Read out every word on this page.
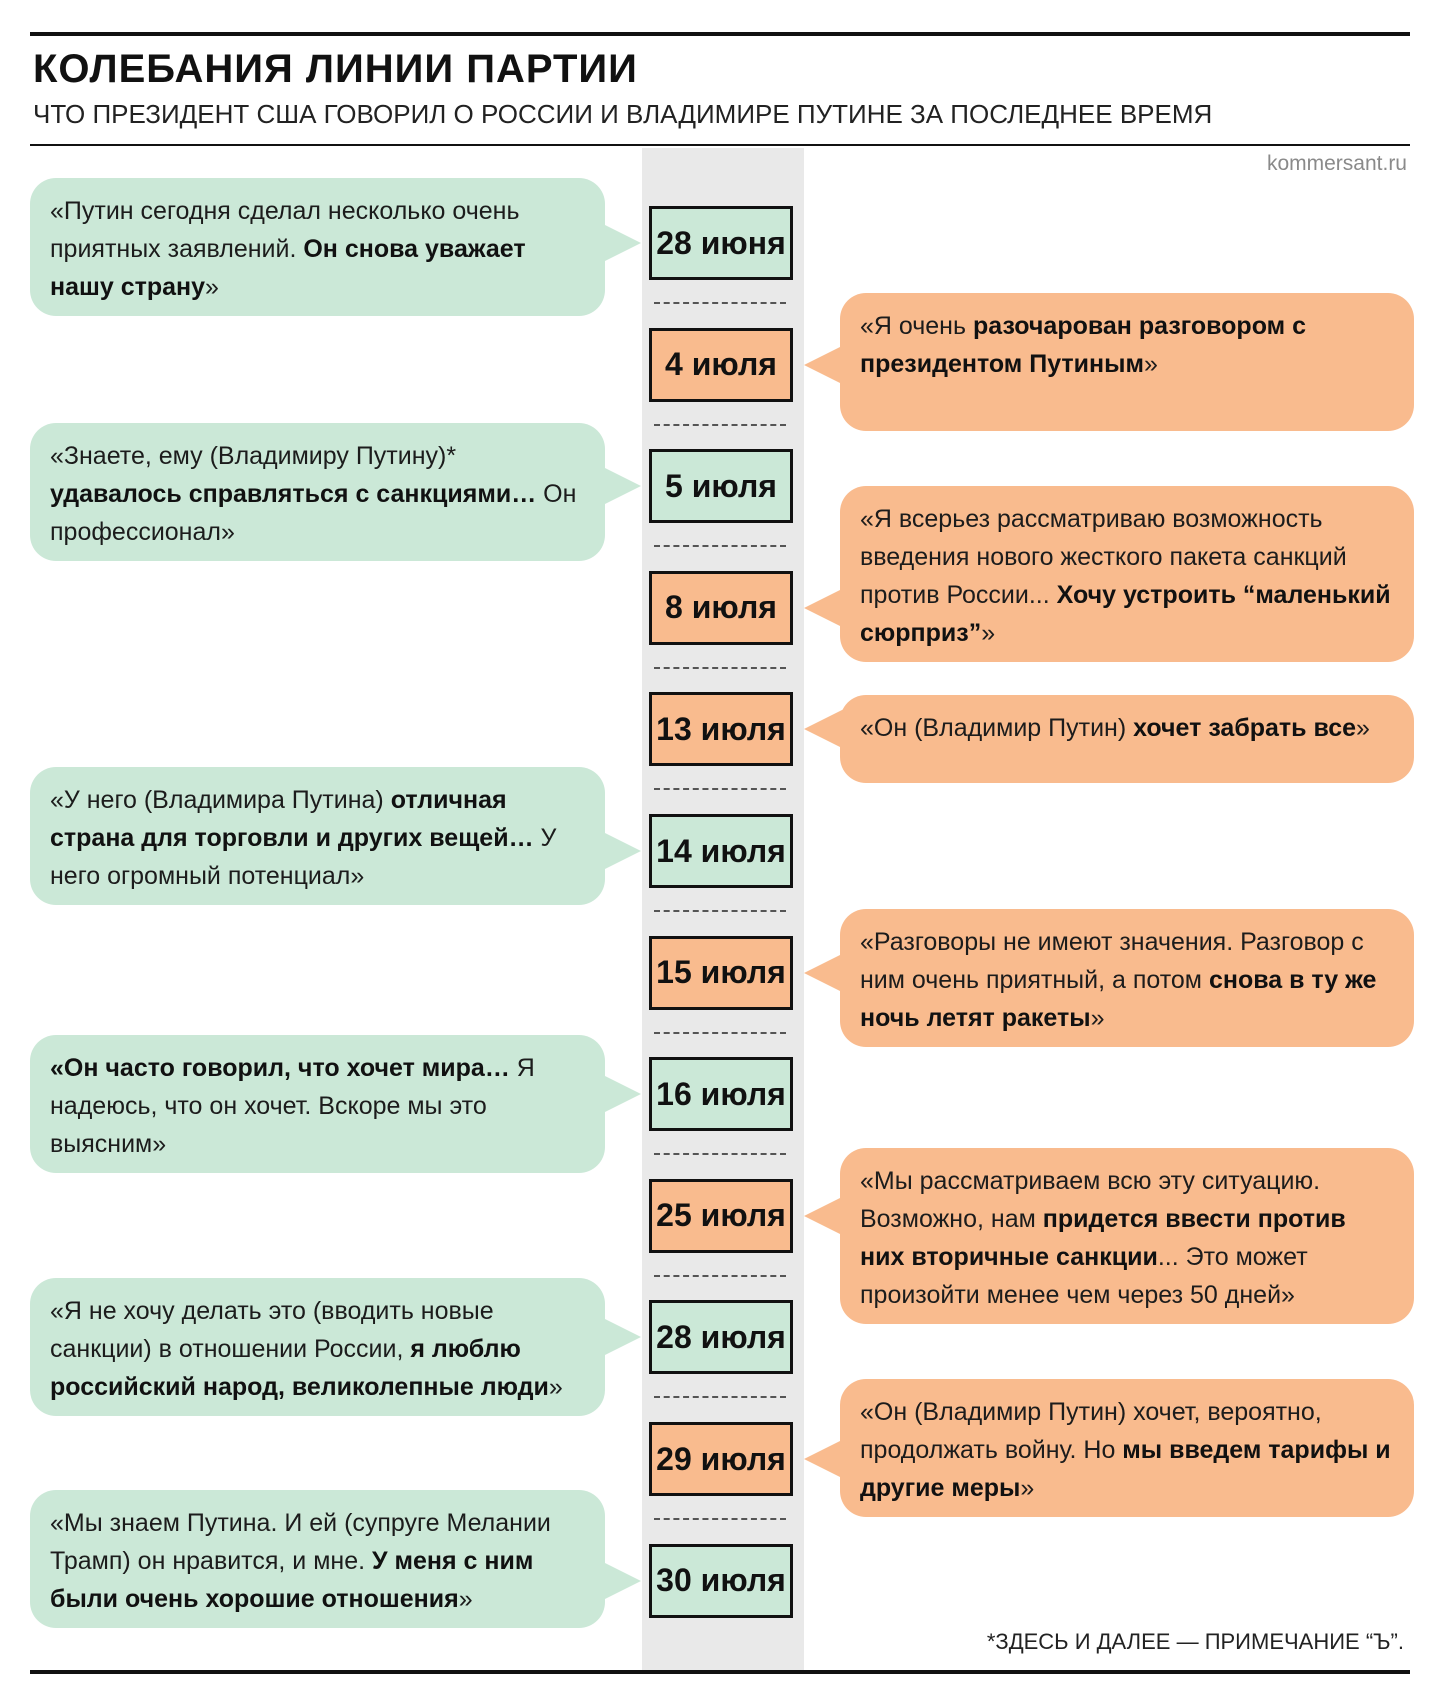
КОЛЕБАНИЯ ЛИНИИ ПАРТИИ

ЧТО ПРЕЗИДЕНТ США ГОВОРИЛ О РОССИИ И ВЛАДИМИРЕ ПУТИНЕ ЗА ПОСЛЕДНЕЕ ВРЕМЯ

kommersant.ru
28 июня
«Путин сегодня сделал несколько очень приятных заявлений. Он снова уважает нашу страну»
4 июля
«Я очень разочарован разговором с президентом Путиным»
5 июля
«Знаете, ему (Владимиру Путину)* удавалось справляться с санкциями… Он профессионал»
8 июля
«Я всерьез рассматриваю возможность введения нового жесткого пакета санкций против России... Хочу устроить “маленький сюрприз”»
13 июля	«Он (Владимир Путин) хочет забрать все»
14 июля
«У него (Владимира Путина) отличная страна для торговли и других вещей… У него огромный потенциал»
15 июля
«Разговоры не имеют значения. Разговор с ним очень приятный, а потом снова в ту же ночь летят ракеты»
16 июля
«Он часто говорил, что хочет мира… Я надеюсь, что он хочет. Вскоре мы это выясним»
25 июля
«Мы рассматриваем всю эту ситуацию. Возможно, нам придется ввести против них вторичные санкции... Это может произойти менее чем через 50 дней»
28 июля
«Я не хочу делать это (вводить новые санкции) в отношении России, я люблю российский народ, великолепные люди»
29 июля
«Он (Владимир Путин) хочет, вероятно, продолжать войну. Но мы введем тарифы и другие меры»
30 июля
«Мы знаем Путина. И ей (супруге Мелании Трамп) он нравится, и мне. У меня с ним были очень хорошие отношения»
*ЗДЕСЬ И ДАЛЕЕ — ПРИМЕЧАНИЕ “Ъ”.
